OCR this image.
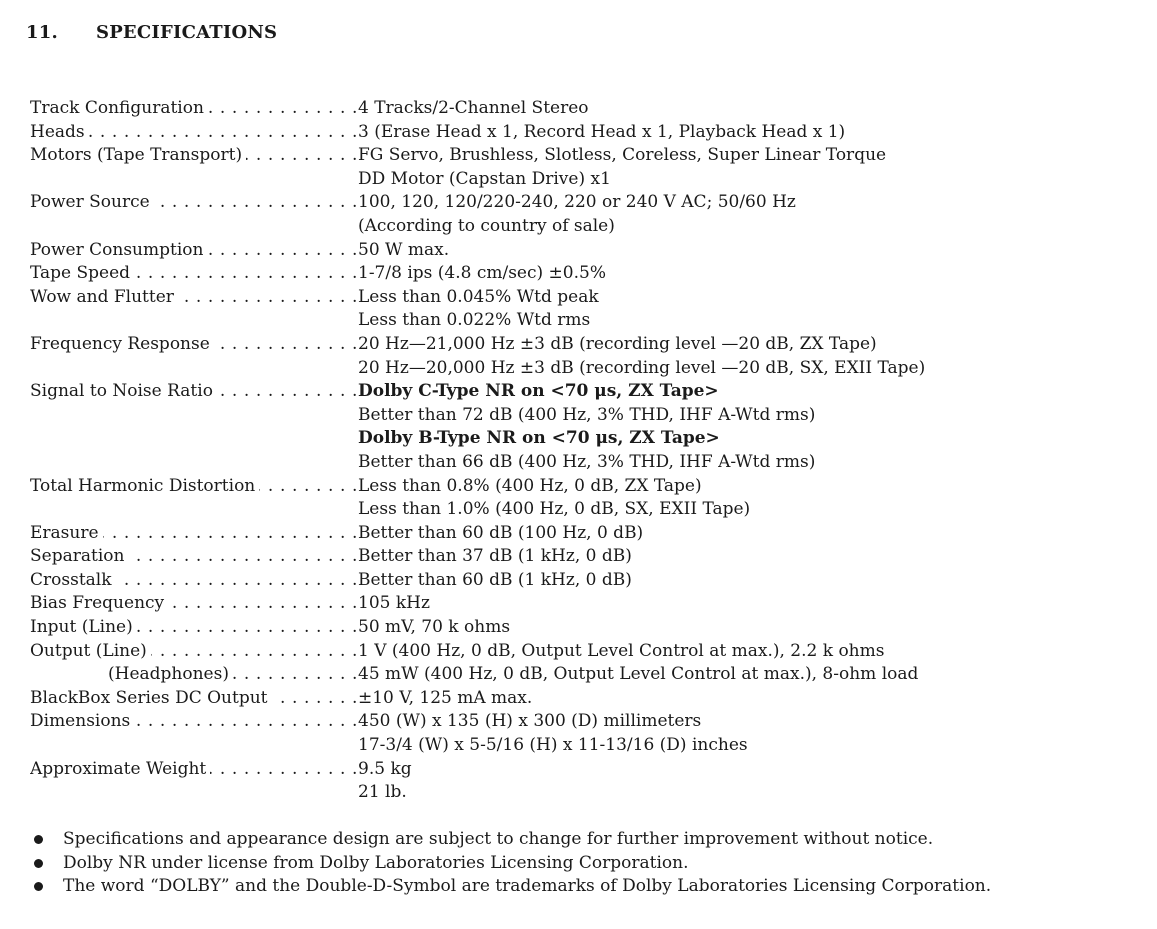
11.	SPECIFICATIONS
Track Configuration . . .	4 Tracks/2-Channel Stereo
Heads . . .	3 (Erase Head x 1, Record Head x 1, Playback Head x 1)
Motors (Tape Transport) . . .	FG Servo, Brushless, Slotless, Coreless, Super Linear Torque
DD Motor (Capstan Drive) x1
Power Source . . .	100, 120, 120/220-240, 220 or 240 V AC; 50/60 Hz
(According to country of sale)
Power Consumption . . .	50 W max.
Tape Speed . . .	1-7/8 ips (4.8 cm/sec) ±0.5%
Wow and Flutter . . .	Less than 0.045% Wtd peak
Less than 0.022% Wtd rms
Frequency Response . . .	20 Hz—21,000 Hz ±3 dB (recording level —20 dB, ZX Tape)
20 Hz—20,000 Hz ±3 dB (recording level —20 dB, SX, EXII Tape)
Signal to Noise Ratio . . .	Dolby C-Type NR on <70 μs, ZX Tape>
Better than 72 dB (400 Hz, 3% THD, IHF A-Wtd rms)
Dolby B-Type NR on <70 μs, ZX Tape>
Better than 66 dB (400 Hz, 3% THD, IHF A-Wtd rms)
Total Harmonic Distortion . . .	Less than 0.8% (400 Hz, 0 dB, ZX Tape)
Less than 1.0% (400 Hz, 0 dB, SX, EXII Tape)
Erasure . . .	Better than 60 dB (100 Hz, 0 dB)
Separation . . .	Better than 37 dB (1 kHz, 0 dB)
Crosstalk . . .	Better than 60 dB (1 kHz, 0 dB)
Bias Frequency . . .	105 kHz
Input (Line) . . .	50 mV, 70 k ohms
Output (Line) . . .	1 V (400 Hz, 0 dB, Output Level Control at max.), 2.2 k ohms
(Headphones) . . .	45 mW (400 Hz, 0 dB, Output Level Control at max.), 8-ohm load
BlackBox Series DC Output . . .	±10 V, 125 mA max.
Dimensions . . .	450 (W) x 135 (H) x 300 (D) millimeters
17-3/4 (W) x 5-5/16 (H) x 11-13/16 (D) inches
Approximate Weight . . .	9.5 kg
21 lb.
Specifications and appearance design are subject to change for further improvement without notice.
Dolby NR under license from Dolby Laboratories Licensing Corporation.
The word “DOLBY” and the Double-D-Symbol are trademarks of Dolby Laboratories Licensing Corporation.
